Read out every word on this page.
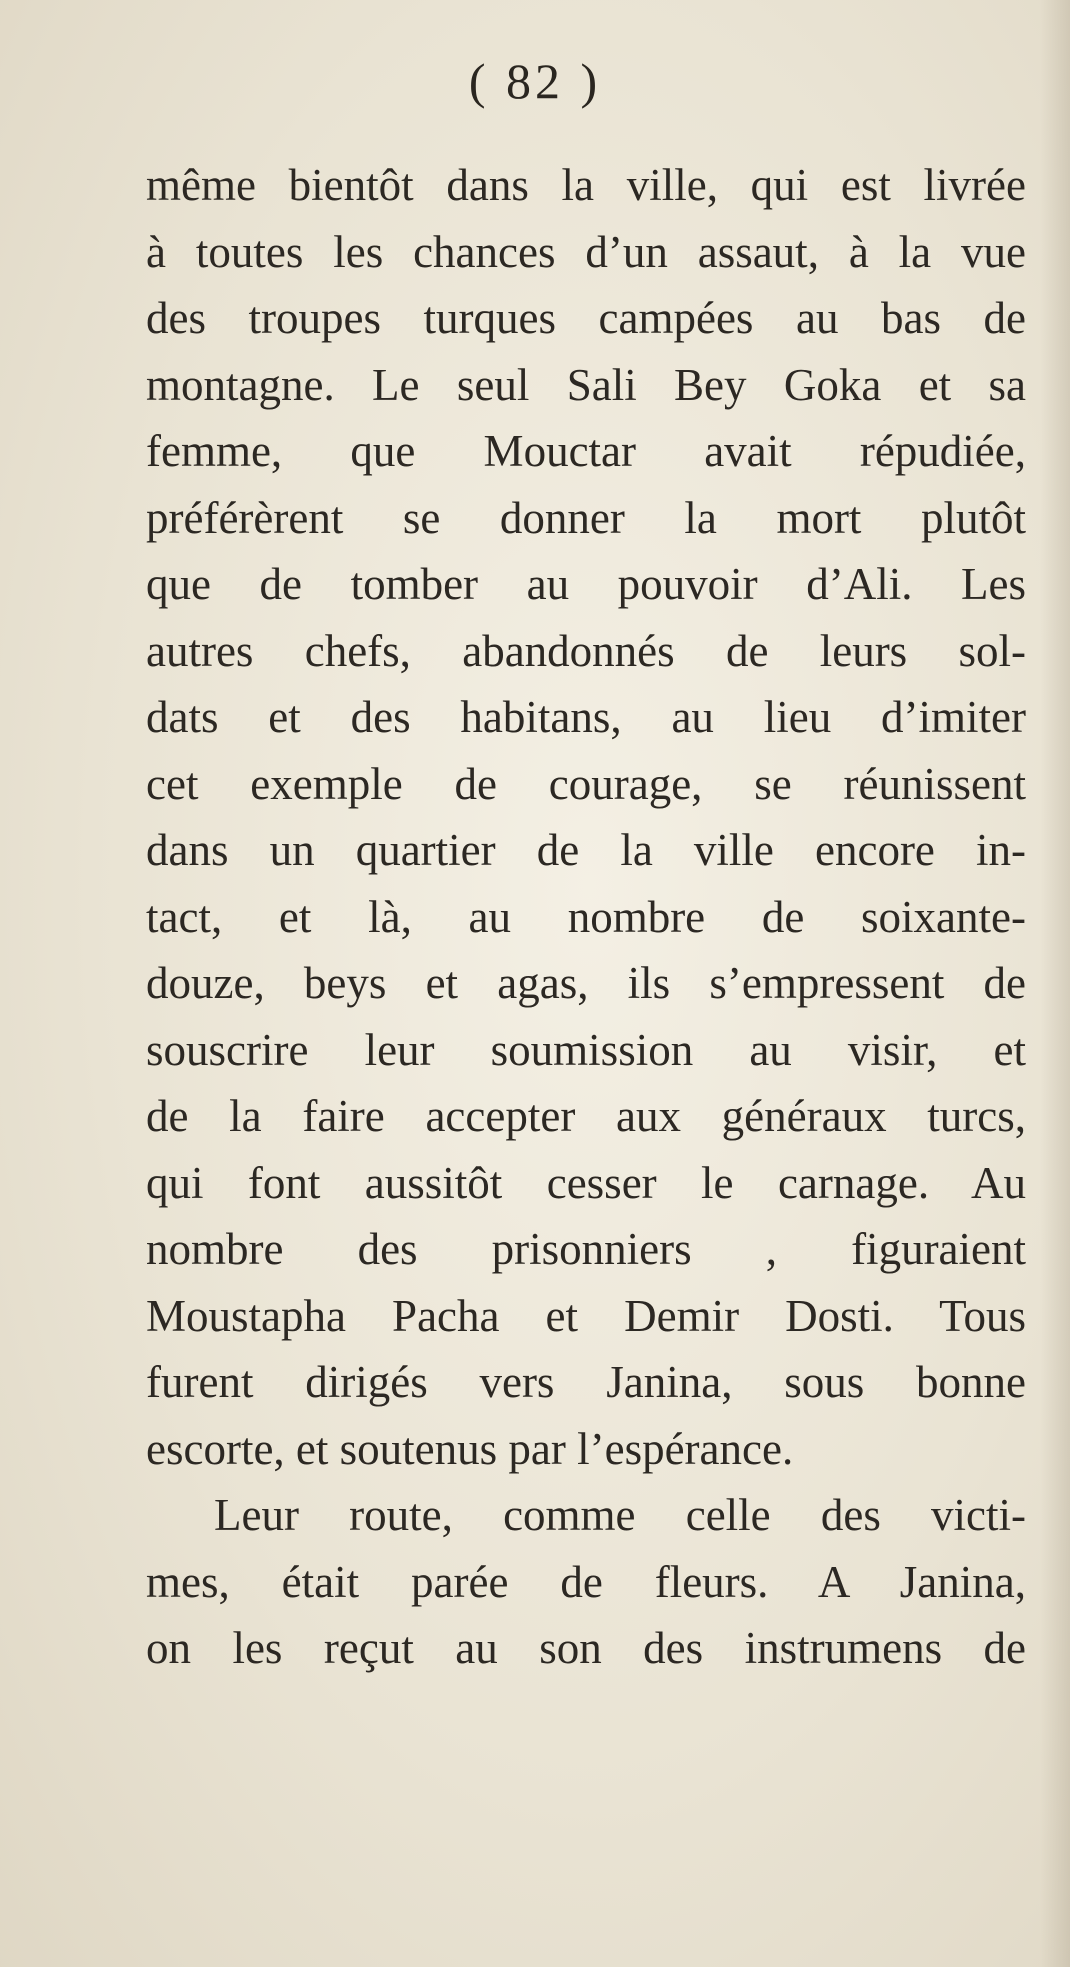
( 82 )
même bientôt dans la ville, qui est livrée
à toutes les chances d’un assaut, à la vue
des troupes turques campées au bas de
montagne. Le seul Sali Bey Goka et sa
femme, que Mouctar avait répudiée,
préférèrent se donner la mort plutôt
que de tomber au pouvoir d’Ali. Les
autres chefs, abandonnés de leurs sol-
dats et des habitans, au lieu d’imiter
cet exemple de courage, se réunissent
dans un quartier de la ville encore in-
tact, et là, au nombre de soixante-
douze, beys et agas, ils s’empressent de
souscrire leur soumission au visir, et
de la faire accepter aux généraux turcs,
qui font aussitôt cesser le carnage. Au
nombre des prisonniers , figuraient
Moustapha Pacha et Demir Dosti. Tous
furent dirigés vers Janina, sous bonne
escorte, et soutenus par l’espérance.
Leur route, comme celle des victi-
mes, était parée de fleurs. A Janina,
on les reçut au son des instrumens de
